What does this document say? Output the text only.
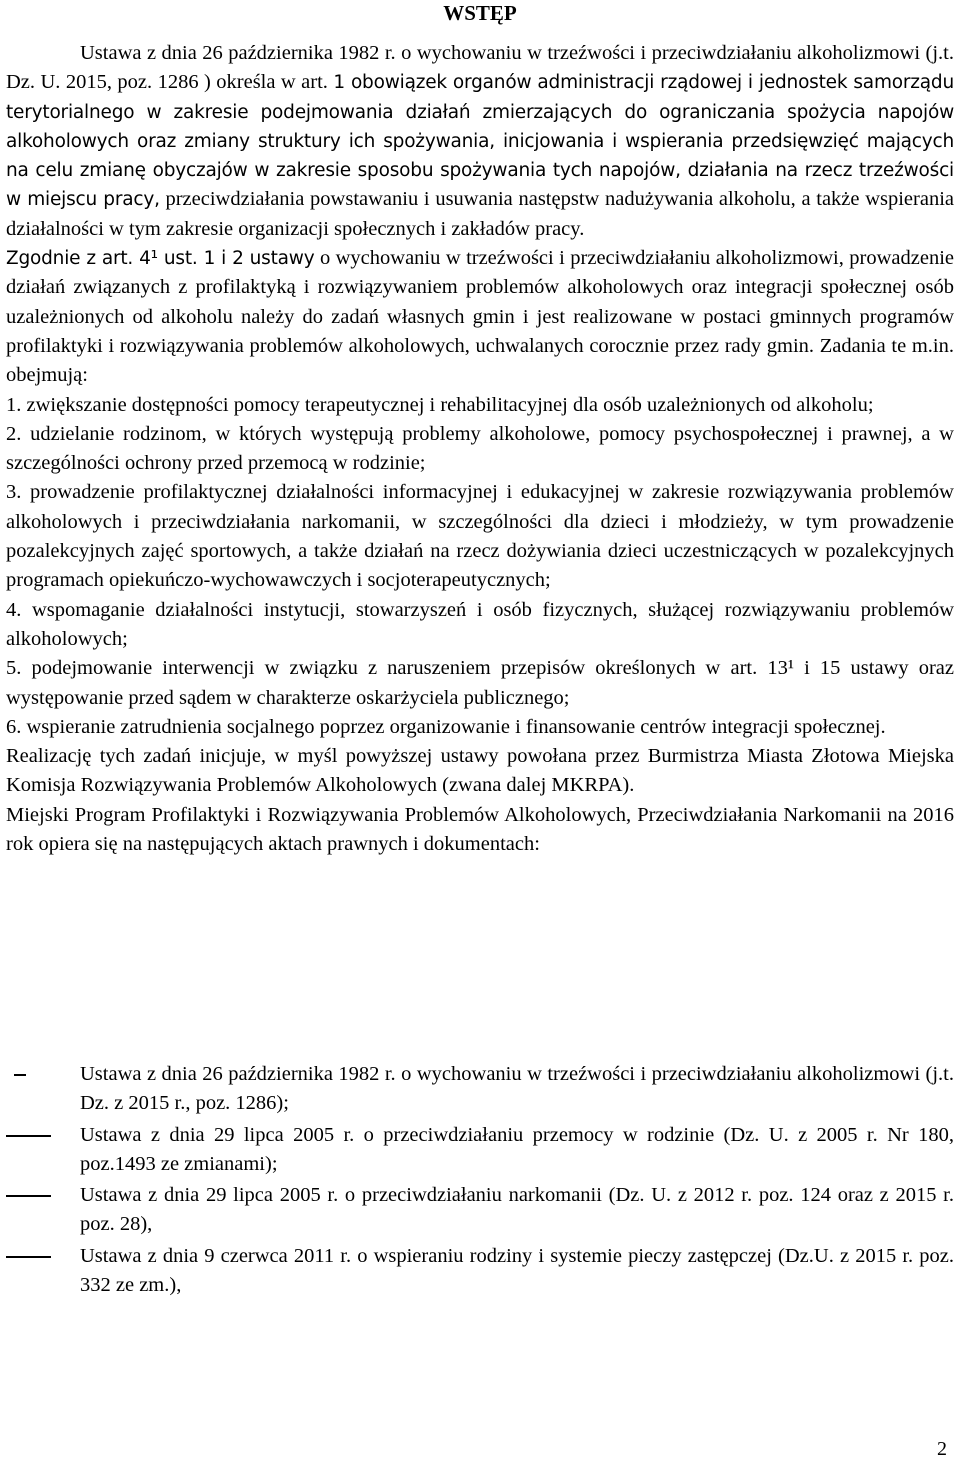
WSTĘP

Ustawa z dnia 26 października 1982 r. o wychowaniu w trzeźwości i przeciwdziałaniu alkoholizmowi (j.t. Dz. U. 2015, poz. 1286 ) określa w art. 1 obowiązek organów administracji rządowej i jednostek samorządu terytorialnego w zakresie podejmowania działań zmierzających do ograniczania spożycia napojów alkoholowych oraz zmiany struktury ich spożywania, inicjowania i wspierania przedsięwzięć mających na celu zmianę obyczajów w zakresie sposobu spożywania tych napojów, działania na rzecz trzeźwości w miejscu pracy, przeciwdziałania powstawaniu i usuwania następstw nadużywania alkoholu, a także wspierania działalności w tym zakresie organizacji społecznych i zakładów pracy.

Zgodnie z art. 4¹ ust. 1 i 2 ustawy o wychowaniu w trzeźwości i przeciwdziałaniu alkoholizmowi, prowadzenie działań związanych z profilaktyką i rozwiązywaniem problemów alkoholowych oraz integracji społecznej osób uzależnionych od alkoholu należy do zadań własnych gmin i jest realizowane w postaci gminnych programów profilaktyki i rozwiązywania problemów alkoholowych, uchwalanych corocznie przez rady gmin. Zadania te m.in. obejmują:

1. zwiększanie dostępności pomocy terapeutycznej i rehabilitacyjnej dla osób uzależnionych od alkoholu;

2. udzielanie rodzinom, w których występują problemy alkoholowe, pomocy psychospołecznej i prawnej, a w szczególności ochrony przed przemocą w rodzinie;

3. prowadzenie profilaktycznej działalności informacyjnej i edukacyjnej w zakresie rozwiązywania problemów alkoholowych i przeciwdziałania narkomanii, w szczególności dla dzieci i młodzieży, w tym prowadzenie pozalekcyjnych zajęć sportowych, a także działań na rzecz dożywiania dzieci uczestniczących w pozalekcyjnych programach opiekuńczo-wychowawczych i socjoterapeutycznych;

4. wspomaganie działalności instytucji, stowarzyszeń i osób fizycznych, służącej rozwiązywaniu problemów alkoholowych;

5. podejmowanie interwencji w związku z naruszeniem przepisów określonych w art. 13¹ i 15 ustawy oraz występowanie przed sądem w charakterze oskarżyciela publicznego;

6. wspieranie zatrudnienia socjalnego poprzez organizowanie i finansowanie centrów integracji społecznej.

Realizację tych zadań inicjuje, w myśl powyższej ustawy powołana przez Burmistrza Miasta Złotowa Miejska Komisja Rozwiązywania Problemów Alkoholowych (zwana dalej MKRPA).

Miejski Program Profilaktyki i Rozwiązywania Problemów Alkoholowych, Przeciwdziałania Narkomanii na 2016 rok opiera się na następujących aktach prawnych i dokumentach:

Ustawa z dnia 26 października 1982 r. o wychowaniu w trzeźwości i przeciwdziałaniu alkoholizmowi (j.t. Dz. z 2015 r., poz. 1286);
Ustawa z dnia 29 lipca 2005 r. o przeciwdziałaniu przemocy w rodzinie (Dz. U. z 2005 r. Nr 180, poz.1493 ze zmianami);
Ustawa z dnia 29 lipca 2005 r. o przeciwdziałaniu narkomanii (Dz. U. z 2012 r. poz. 124 oraz z 2015 r. poz. 28),
Ustawa z dnia 9 czerwca 2011 r. o wspieraniu rodziny i systemie pieczy zastępczej (Dz.U. z 2015 r. poz. 332 ze zm.),
2
